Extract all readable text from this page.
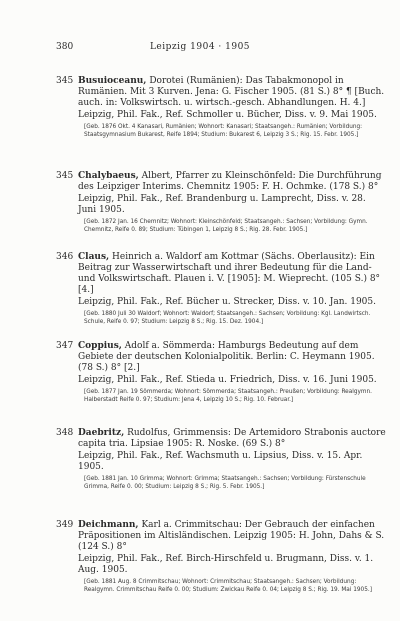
380	Leipzig 1904 · 1905
345 Busuioceanu, Dorotei (Rumänien): Das Tabakmonopol in Rumänien. Mit 3 Kurven. Jena: G. Fischer 1905. (81 S.) 8° ¶ [Buch. auch. in: Volkswirtsch. u. wirtsch.-gesch. Abhandlungen. H. 4.]

Leipzig, Phil. Fak., Ref. Schmoller u. Bücher, Diss. v. 9. Mai 1905.

[Geb. 1876 Okt. 4 Kanasari, Rumänien; Wohnort: Kanasari; Staatsangeh.: Rumänien; Vorbildung: Staatsgymnasium Bukarest, Reife 1894; Studium: Bukarest 6, Leipzig 3 S.; Rig. 15. Febr. 1905.]

345 Chalybaeus, Albert, Pfarrer zu Kleinschönfeld: Die Durchführung des Leipziger Interims. Chemnitz 1905: F. H. Ochmke. (178 S.) 8°

Leipzig, Phil. Fak., Ref. Brandenburg u. Lamprecht, Diss. v. 28. Juni 1905.

[Geb. 1872 Jan. 16 Chemnitz; Wohnort: Kleinschönfeld; Staatsangeh.: Sachsen; Vorbildung: Gymn. Chemnitz, Reife 0. 89; Studium: Tübingen 1, Leipzig 8 S.; Rig. 28. Febr. 1905.]

346 Claus, Heinrich a. Waldorf am Kottmar (Sächs. Oberlausitz): Ein Beitrag zur Wasserwirtschaft und ihrer Bedeutung für die Land- und Volkswirtschaft. Plauen i. V. [1905]: M. Wieprecht. (105 S.) 8° [4.]

Leipzig, Phil. Fak., Ref. Bücher u. Strecker, Diss. v. 10. Jan. 1905.

[Geb. 1880 Juli 30 Waldorf; Wohnort: Waldorf; Staatsangeh.: Sachsen; Vorbildung: Kgl. Landwirtsch. Schule, Reife 0. 97; Studium: Leipzig 8 S.; Rig. 15. Dez. 1904.]

347 Coppius, Adolf a. Sömmerda: Hamburgs Bedeutung auf dem Gebiete der deutschen Kolonialpolitik. Berlin: C. Heymann 1905. (78 S.) 8° [2.]

Leipzig, Phil. Fak., Ref. Stieda u. Friedrich, Diss. v. 16. Juni 1905.

[Geb. 1877 Jan. 19 Sömmerda; Wohnort: Sömmerda; Staatsangeh.: Preußen; Vorbildung: Realgymn. Halberstadt Reife 0. 97; Studium: Jena 4, Leipzig 10 S.; Rig. 10. Februar.]

348 Daebritz, Rudolfus, Grimmensis: De Artemidoro Strabonis auctore capita tria. Lipsiae 1905: R. Noske. (69 S.) 8°

Leipzig, Phil. Fak., Ref. Wachsmuth u. Lipsius, Diss. v. 15. Apr. 1905.

[Geb. 1881 Jan. 10 Grimma; Wohnort: Grimma; Staatsangeh.: Sachsen; Vorbildung: Fürstenschule Grimma, Reife 0. 00; Studium: Leipzig 8 S.; Rig. 5. Febr. 1905.]

349 Deichmann, Karl a. Crimmitschau: Der Gebrauch der einfachen Präpositionen im Altisländischen. Leipzig 1905: H. John, Dahs & S. (124 S.) 8°

Leipzig, Phil. Fak., Ref. Birch-Hirschfeld u. Brugmann, Diss. v. 1. Aug. 1905.

[Geb. 1881 Aug. 8 Crimmitschau; Wohnort: Crimmitschau; Staatsangeh.: Sachsen; Vorbildung: Realgymn. Crimmitschau Reife 0. 00; Studium: Zwickau Reife 0. 04; Leipzig 8 S.; Rig. 19. Mai 1905.]
